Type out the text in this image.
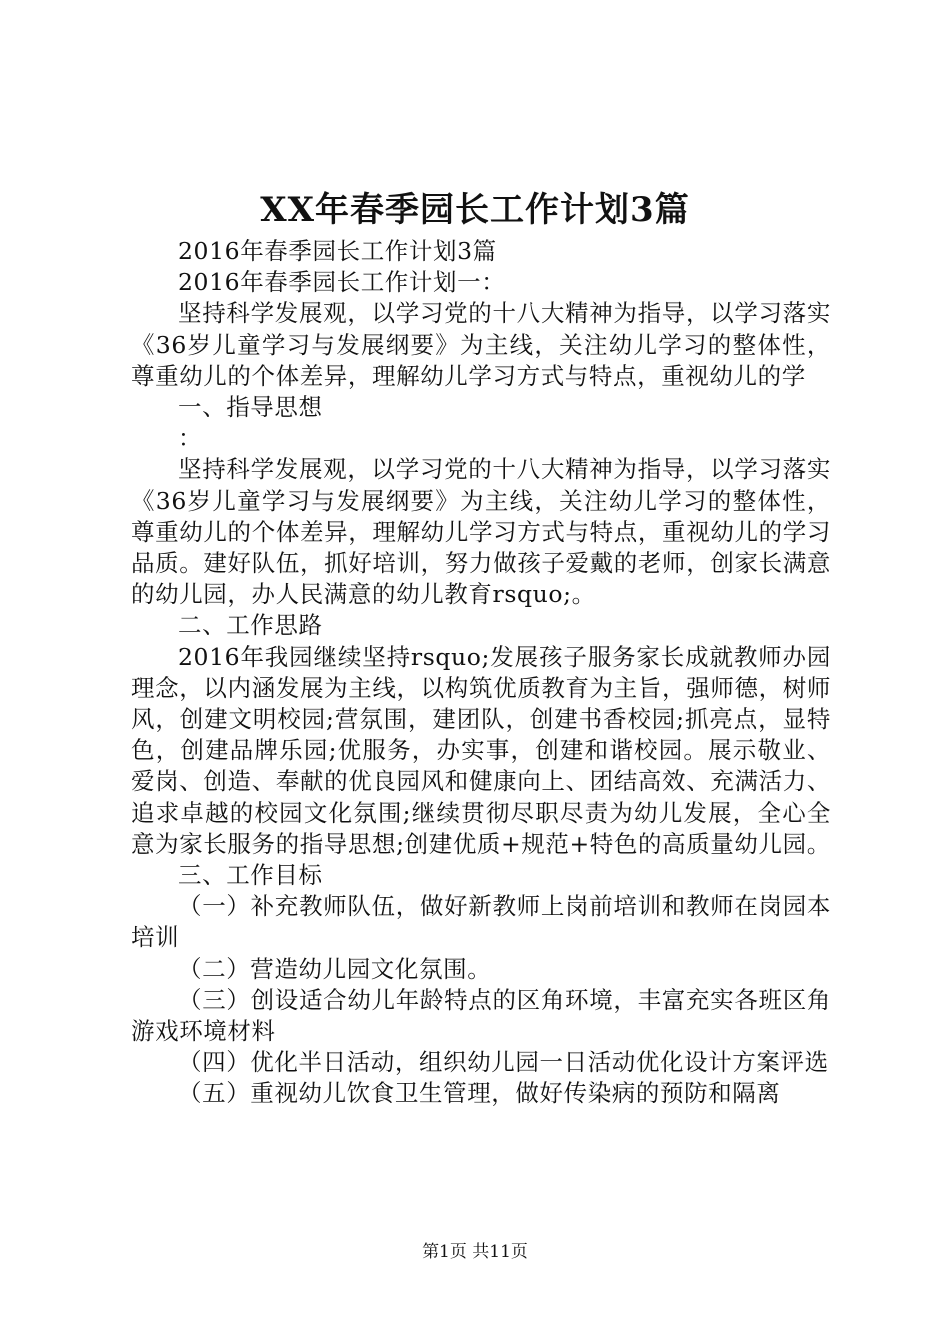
XX年春季园长工作计划3篇

2016年春季园长工作计划3篇

2016年春季园长工作计划一：

坚持科学发展观，以学习党的十八大精神为指导，以学习落实《36岁儿童学习与发展纲要》为主线，关注幼儿学习的整体性，尊重幼儿的个体差异，理解幼儿学习方式与特点，重视幼儿的学

一、指导思想

：

坚持科学发展观，以学习党的十八大精神为指导，以学习落实《36岁儿童学习与发展纲要》为主线，关注幼儿学习的整体性，尊重幼儿的个体差异，理解幼儿学习方式与特点，重视幼儿的学习品质。建好队伍，抓好培训，努力做孩子爱戴的老师，创家长满意的幼儿园，办人民满意的幼儿教育rsquo;。

二、工作思路

2016年我园继续坚持rsquo;发展孩子服务家长成就教师办园理念，以内涵发展为主线，以构筑优质教育为主旨，强师德，树师风，创建文明校园;营氛围，建团队，创建书香校园;抓亮点，显特色，创建品牌乐园;优服务，办实事，创建和谐校园。展示敬业、爱岗、创造、奉献的优良园风和健康向上、团结高效、充满活力、追求卓越的校园文化氛围;继续贯彻尽职尽责为幼儿发展，全心全意为家长服务的指导思想;创建优质+规范+特色的高质量幼儿园。

三、工作目标

（一）补充教师队伍，做好新教师上岗前培训和教师在岗园本培训

（二）营造幼儿园文化氛围。

（三）创设适合幼儿年龄特点的区角环境，丰富充实各班区角游戏环境材料

（四）优化半日活动，组织幼儿园一日活动优化设计方案评选

（五）重视幼儿饮食卫生管理，做好传染病的预防和隔离

第1页 共11页
